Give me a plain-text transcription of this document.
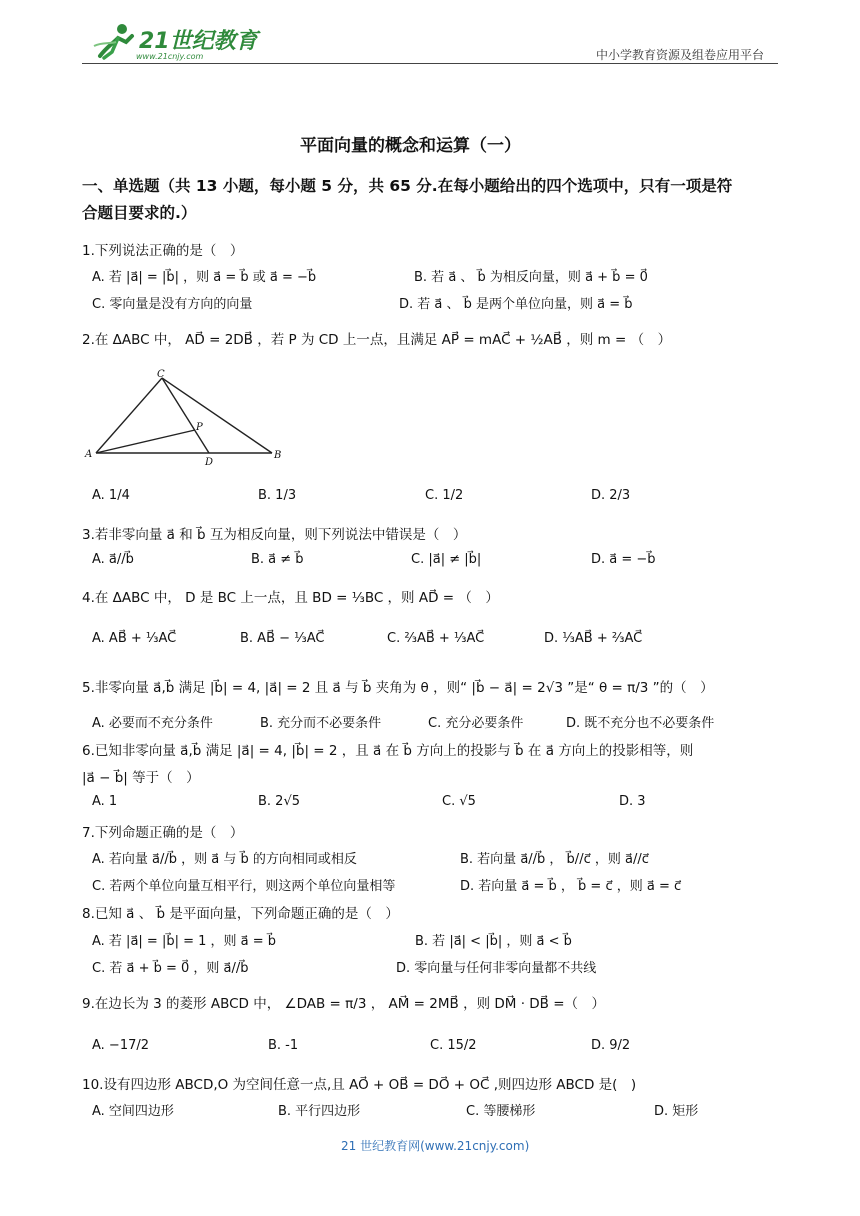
21世纪教育
www.21cnjy.com	中小学教育资源及组卷应用平台
平面向量的概念和运算（一）
一、单选题（共 13 小题，每小题 5 分，共 65 分.在每小题给出的四个选项中，只有一项是符
合题目要求的.）
1.下列说法正确的是（　）
A. 若 |a⃗| = |b⃗| ，则 a⃗ = b⃗ 或 a⃗ = −b⃗	B. 若 a⃗ 、 b⃗ 为相反向量，则 a⃗ + b⃗ = 0⃗
C. 零向量是没有方向的向量	D. 若 a⃗ 、 b⃗ 是两个单位向量，则 a⃗ = b⃗
2.在 ΔABC 中， AD⃗ = 2DB⃗ ，若 P 为 CD 上一点，且满足 AP⃗ = mAC⃗ + ½AB⃗ ，则 m = （　）
C
P
A
D
B
A. 1/4	B. 1/3	C. 1/2	D. 2/3
3.若非零向量 a⃗ 和 b⃗ 互为相反向量，则下列说法中错误是（　）
A. a⃗//b⃗	B. a⃗ ≠ b⃗	C. |a⃗| ≠ |b⃗|	D. a⃗ = −b⃗
4.在 ΔABC 中， D 是 BC 上一点，且 BD = ⅓BC ，则 AD⃗ = （　）
A. AB⃗ + ⅓AC⃗	B. AB⃗ − ⅓AC⃗	C. ⅔AB⃗ + ⅓AC⃗	D. ⅓AB⃗ + ⅔AC⃗
5.非零向量 a⃗,b⃗ 满足 |b⃗| = 4, |a⃗| = 2 且 a⃗ 与 b⃗ 夹角为 θ ，则“ |b⃗ − a⃗| = 2√3 ”是“ θ = π/3 ”的（　）
A. 必要而不充分条件	B. 充分而不必要条件	C. 充分必要条件	D. 既不充分也不必要条件
6.已知非零向量 a⃗,b⃗ 满足 |a⃗| = 4, |b⃗| = 2 ，且 a⃗ 在 b⃗ 方向上的投影与 b⃗ 在 a⃗ 方向上的投影相等，则
|a⃗ − b⃗| 等于（　）
A. 1	B. 2√5	C. √5	D. 3
7.下列命题正确的是（　）
A. 若向量 a⃗//b⃗ ，则 a⃗ 与 b⃗ 的方向相同或相反	B. 若向量 a⃗//b⃗ ， b⃗//c⃗ ，则 a⃗//c⃗
C. 若两个单位向量互相平行，则这两个单位向量相等	D. 若向量 a⃗ = b⃗ ， b⃗ = c⃗ ，则 a⃗ = c⃗
8.已知 a⃗ 、 b⃗ 是平面向量，下列命题正确的是（　）
A. 若 |a⃗| = |b⃗| = 1 ，则 a⃗ = b⃗	B. 若 |a⃗| < |b⃗| ，则 a⃗ < b⃗
C. 若 a⃗ + b⃗ = 0⃗ ，则 a⃗//b⃗	D. 零向量与任何非零向量都不共线
9.在边长为 3 的菱形 ABCD 中， ∠DAB = π/3 ， AM⃗ = 2MB⃗ ，则 DM⃗ · DB⃗ =（　）
A. −17/2	B. -1	C. 15/2	D. 9/2
10.设有四边形 ABCD,O 为空间任意一点,且 AO⃗ + OB⃗ = DO⃗ + OC⃗ ,则四边形 ABCD 是(　)
A. 空间四边形	B. 平行四边形	C. 等腰梯形	D. 矩形
21 世纪教育网(www.21cnjy.com)
